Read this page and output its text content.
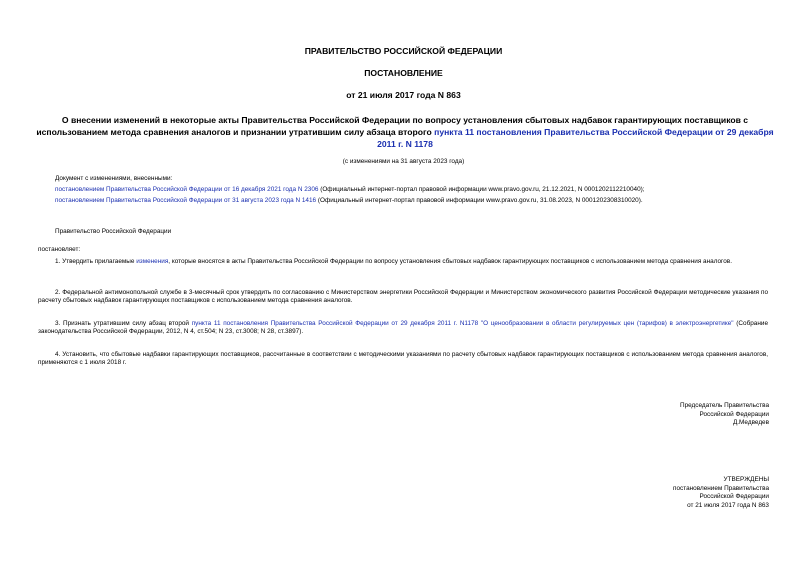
ПРАВИТЕЛЬСТВО РОССИЙСКОЙ ФЕДЕРАЦИИ
ПОСТАНОВЛЕНИЕ
от 21 июля 2017 года N 863
О внесении изменений в некоторые акты Правительства Российской Федерации по вопросу установления сбытовых надбавок гарантирующих поставщиков с использованием метода сравнения аналогов и признании утратившим силу абзаца второго пункта 11 постановления Правительства Российской Федерации от 29 декабря 2011 г. N 1178
(с изменениями на 31 августа 2023 года)
Документ с изменениями, внесенными:
постановлением Правительства Российской Федерации от 16 декабря 2021 года N 2306 (Официальный интернет-портал правовой информации www.pravo.gov.ru, 21.12.2021, N 0001202112210040);
постановлением Правительства Российской Федерации от 31 августа 2023 года N 1416 (Официальный интернет-портал правовой информации www.pravo.gov.ru, 31.08.2023, N 0001202308310020).
Правительство Российской Федерации
постановляет:
1. Утвердить прилагаемые изменения, которые вносятся в акты Правительства Российской Федерации по вопросу установления сбытовых надбавок гарантирующих поставщиков с использованием метода сравнения аналогов.
2. Федеральной антимонопольной службе в 3-месячный срок утвердить по согласованию с Министерством энергетики Российской Федерации и Министерством экономического развития Российской Федерации методические указания по расчету сбытовых надбавок гарантирующих поставщиков с использованием метода сравнения аналогов.
3. Признать утратившим силу абзац второй пункта 11 постановления Правительства Российской Федерации от 29 декабря 2011 г. N1178 "О ценообразовании в области регулируемых цен (тарифов) в электроэнергетике" (Собрание законодательства Российской Федерации, 2012, N 4, ст.504; N 23, ст.3008; N 28, ст.3897).
4. Установить, что сбытовые надбавки гарантирующих поставщиков, рассчитанные в соответствии с методическими указаниями по расчету сбытовых надбавок гарантирующих поставщиков с использованием метода сравнения аналогов, применяются с 1 июля 2018 г.
Председатель Правительства
Российской Федерации
Д.Медведев
УТВЕРЖДЕНЫ
постановлением Правительства
Российской Федерации
от 21 июля 2017 года N 863
